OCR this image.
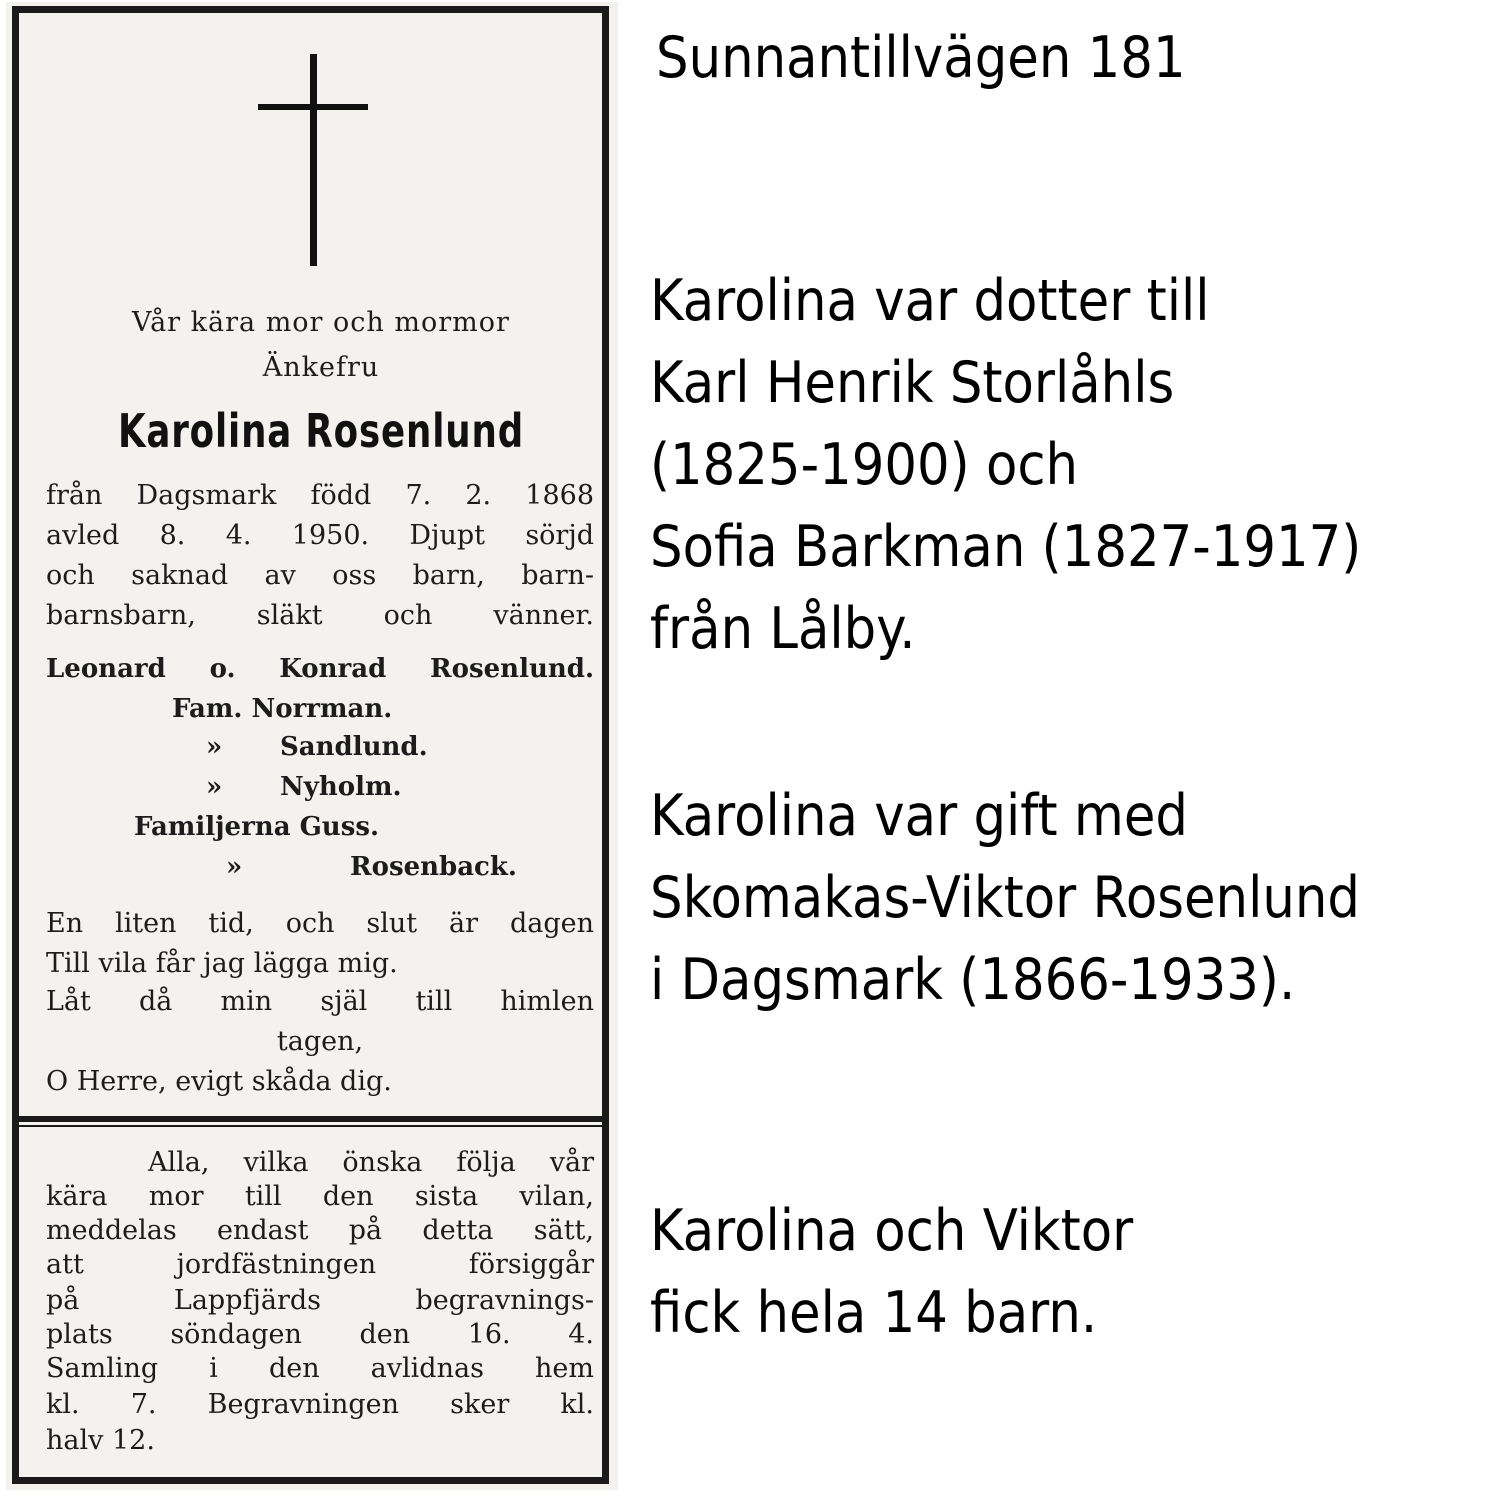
Vår kära mor och mormor
Änkefru
Karolina Rosenlund
från Dagsmark född 7. 2. 1868
avled 8. 4. 1950. Djupt sörjd
och saknad av oss barn, barn-
barnsbarn, släkt och vänner.
Leonard o. Konrad Rosenlund.
Fam. Norrman.
» Sandlund.
» Nyholm.
Familjerna Guss.
»	Rosenback.
En liten tid, och slut är dagen
Till vila får jag lägga mig.
Låt då min själ till himlen
tagen,
O Herre, evigt skåda dig.
Alla, vilka önska följa vår
kära mor till den sista vilan,
meddelas endast på detta sätt,
att jordfästningen försiggår
på Lappfjärds begravnings-
plats söndagen den 16. 4.
Samling i den avlidnas hem
kl. 7. Begravningen sker kl.
halv 12.
Sunnantillvägen 181
Karolina var dotter till
Karl Henrik Storlåhls
(1825-1900) och
Sofia Barkman (1827-1917)
från Lålby.
Karolina var gift med
Skomakas-Viktor Rosenlund
i Dagsmark (1866-1933).
Karolina och Viktor
fick hela 14 barn.
